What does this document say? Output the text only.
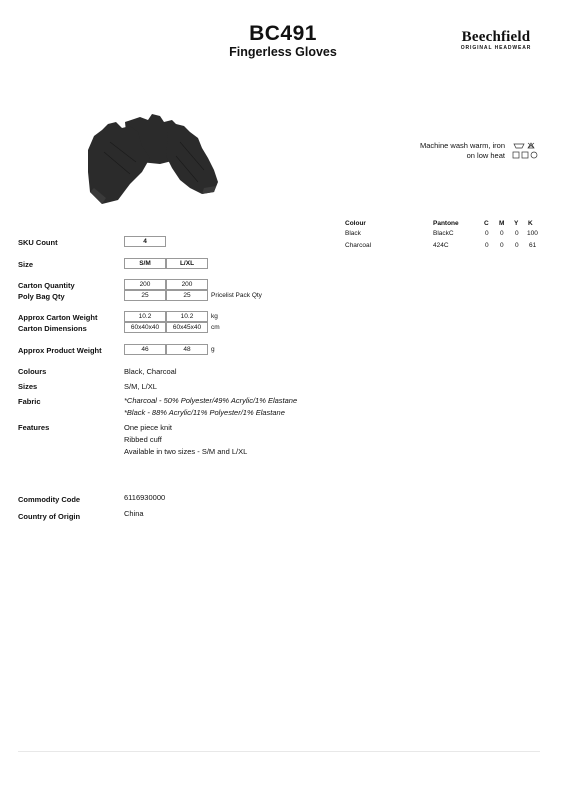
BC491
Fingerless Gloves
Beechfield
ORIGINAL HEADWEAR
Machine wash warm, iron
on low heat
Colour	Pantone	C M Y K
Black	BlackC	0 0 0 100
Charcoal	424C	0 0 0 61
SKU Count	4
Size	S/M	L/XL
Carton Quantity	200	200
Poly Bag Qty	25	25	Pricelist Pack Qty
Approx Carton Weight	10.2	10.2	kg
Carton Dimensions	60x40x40	60x45x40	cm
Approx Product Weight	46	48	g
Colours	Black, Charcoal
Sizes	S/M, L/XL
Fabric	*Charcoal - 50% Polyester/49% Acrylic/1% Elastane
*Black - 88% Acrylic/11% Polyester/1% Elastane
Features	One piece knit
Ribbed cuff
Available in two sizes - S/M and L/XL
Commodity Code	6116930000
Country of Origin	China
